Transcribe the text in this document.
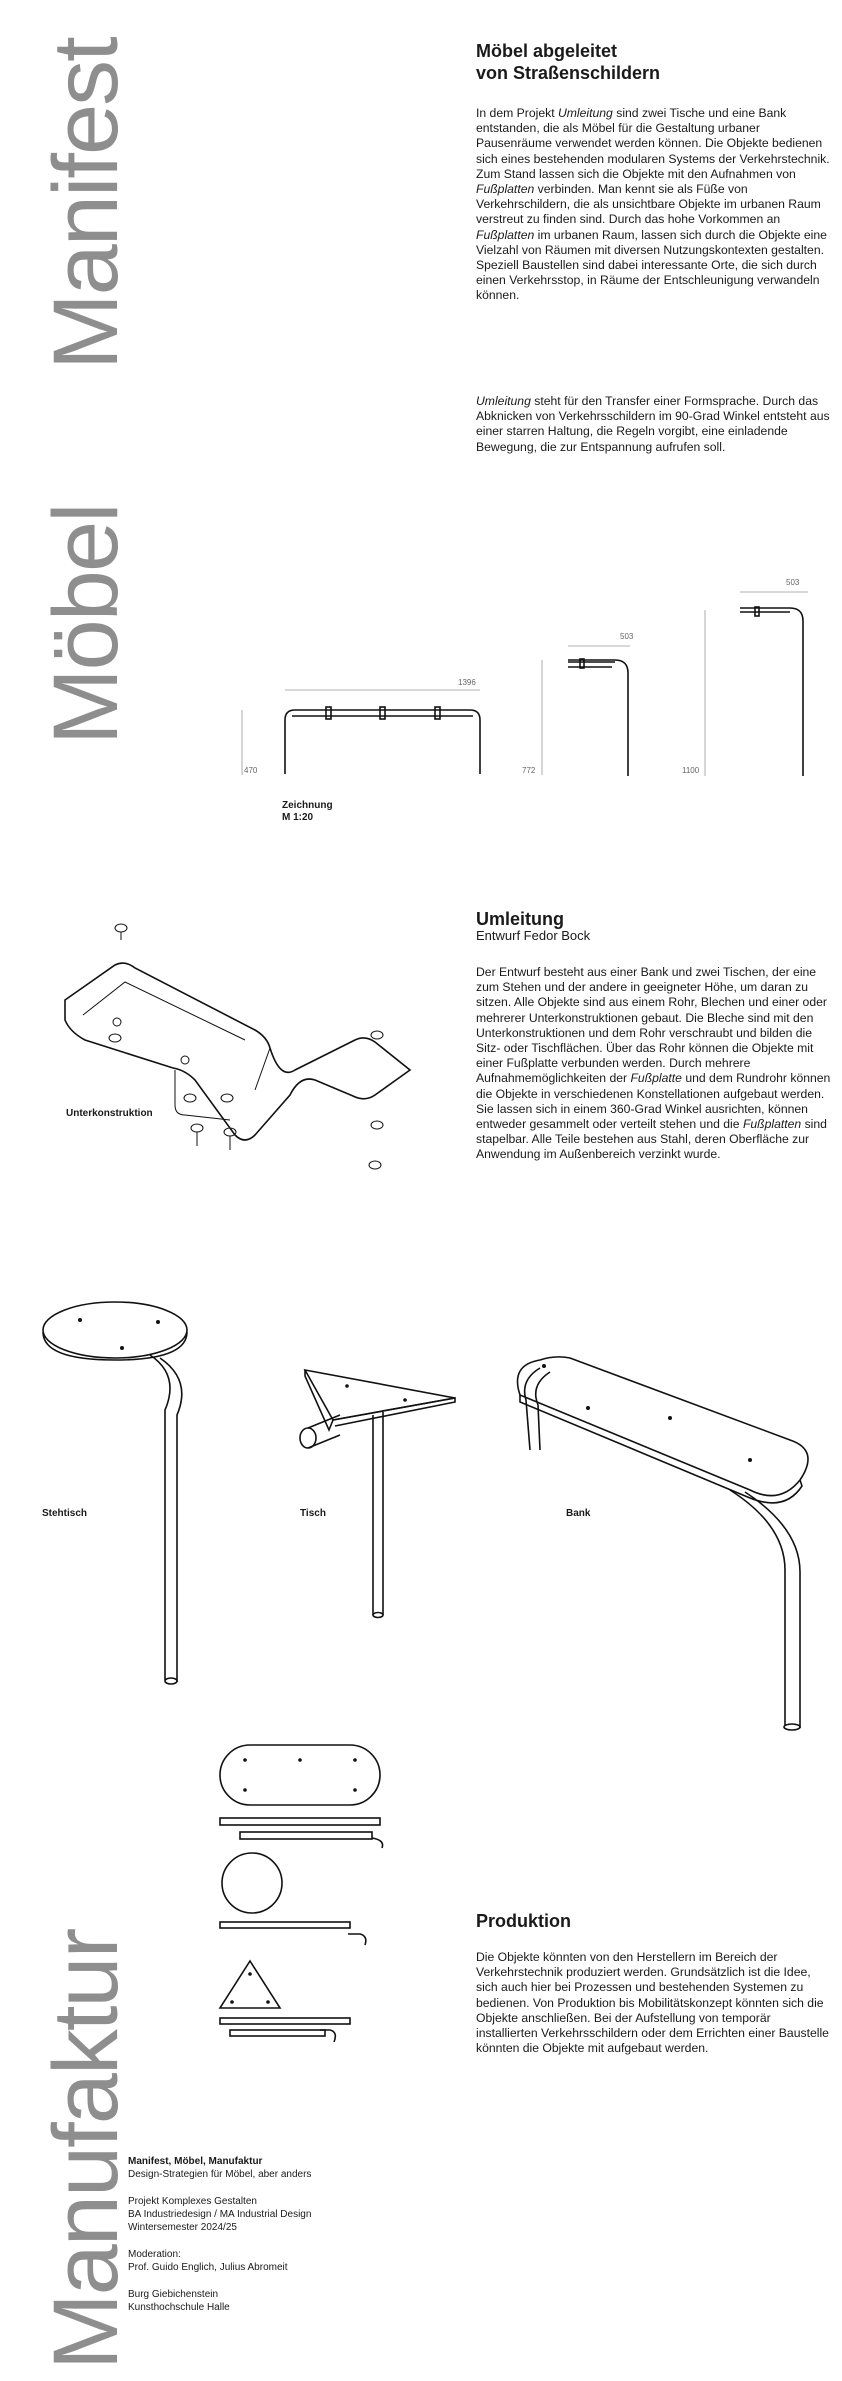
Manifest
Möbel
Manufaktur
Möbel abgeleitet
von Straßenschildern

In dem Projekt Umleitung sind zwei Tische und eine Bank entstanden, die als Möbel für die Gestaltung urbaner Pausenräume verwendet werden können. Die Objekte bedienen sich eines bestehenden modularen Systems der Verkehrstechnik. Zum Stand lassen sich die Objekte mit den Aufnahmen von Fußplatten verbinden. Man kennt sie als Füße von Verkehrschildern, die als unsichtbare Objekte im urbanen Raum verstreut zu finden sind. Durch das hohe Vorkommen an Fußplatten im urbanen Raum, lassen sich durch die Objekte eine Vielzahl von Räumen mit diversen Nutzungskontexten gestalten. Speziell Baustellen sind dabei interessante Orte, die sich durch einen Verkehrsstop, in Räume der Entschleunigung verwandeln können.

Umleitung steht für den Transfer einer Formsprache. Durch das Abknicken von Verkehrsschildern im 90-Grad Winkel entsteht aus einer starren Haltung, die Regeln vorgibt, eine einladende Bewegung, die zur Entspannung aufrufen soll.

1396
470
503
772
503
1100
Zeichnung
M 1:20
Umleitung
Entwurf Fedor Bock

Der Entwurf besteht aus einer Bank und zwei Tischen, der eine zum Stehen und der andere in geeigneter Höhe, um daran zu sitzen. Alle Objekte sind aus einem Rohr, Blechen und einer oder mehrerer Unterkonstruktionen gebaut. Die Bleche sind mit den Unterkonstruktionen und dem Rohr verschraubt und bilden die Sitz- oder Tischflächen. Über das Rohr können die Objekte mit einer Fußplatte verbunden werden. Durch mehrere Aufnahmemöglichkeiten der Fußplatte und dem Rundrohr können die Objekte in verschiedenen Konstellationen aufgebaut werden. Sie lassen sich in einem 360-Grad Winkel ausrichten, können entweder gesammelt oder verteilt stehen und die Fußplatten sind stapelbar. Alle Teile bestehen aus Stahl, deren Oberfläche zur Anwendung im Außenbereich verzinkt wurde.

Unterkonstruktion
Stehtisch	Tisch	Bank
Produktion

Die Objekte könnten von den Herstellern im Bereich der Verkehrstechnik produziert werden. Grundsätzlich ist die Idee, sich auch hier bei Prozessen und bestehenden Systemen zu bedienen. Von Produktion bis Mobilitätskonzept könnten sich die Objekte anschließen. Bei der Aufstellung von temporär installierten Verkehrsschildern oder dem Errichten einer Baustelle könnten die Objekte mit aufgebaut werden.

Manifest, Möbel, Manufaktur
Design-Strategien für Möbel, aber anders
Projekt Komplexes Gestalten
BA Industriedesign / MA Industrial Design
Wintersemester 2024/25
Moderation:
Prof. Guido Englich, Julius Abromeit
Burg Giebichenstein
Kunsthochschule Halle
